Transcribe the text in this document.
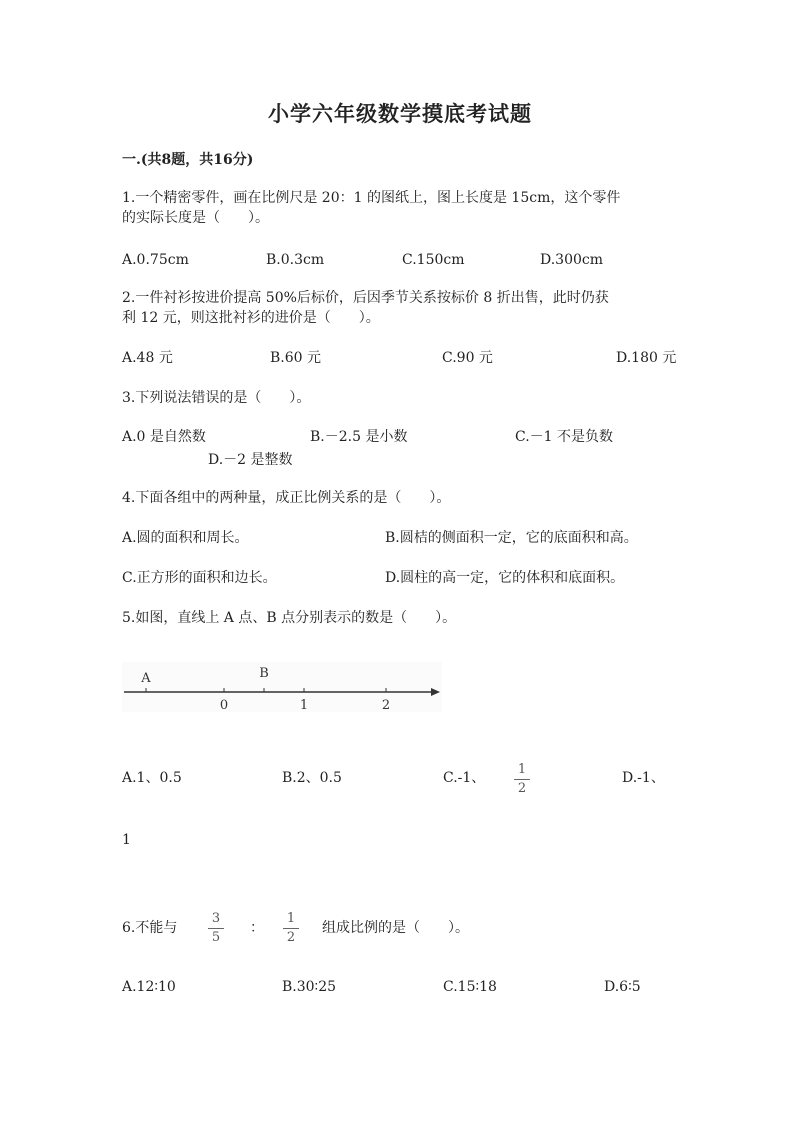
小学六年级数学摸底考试题
一.(共8题，共16分)
1.一个精密零件，画在比例尺是 20：1 的图纸上，图上长度是 15cm，这个零件
的实际长度是（　　）。
A.0.75cm	B.0.3cm	C.150cm	D.300cm
2.一件衬衫按进价提高 50%后标价，后因季节关系按标价 8 折出售，此时仍获
利 12 元，则这批衬衫的进价是（　　）。
A.48 元	B.60 元	C.90 元	D.180 元
3.下列说法错误的是（　　）。
A.0 是自然数	B.－2.5 是小数	C.－1 不是负数
D.－2 是整数
4.下面各组中的两种量，成正比例关系的是（　　）。
A.圆的面积和周长。	B.圆桔的侧面积一定，它的底面积和高。
C.正方形的面积和边长。	D.圆柱的高一定，它的体积和底面积。
5.如图，直线上 A 点、B 点分别表示的数是（　　）。
A	B
0	1	2
A.1、0.5	B.2、0.5	C.-1、
1
2
D.-1、
1
6.不能与
3
5
：
1
2
组成比例的是（　　）。
A.12∶10	B.30∶25	C.15∶18	D.6∶5
